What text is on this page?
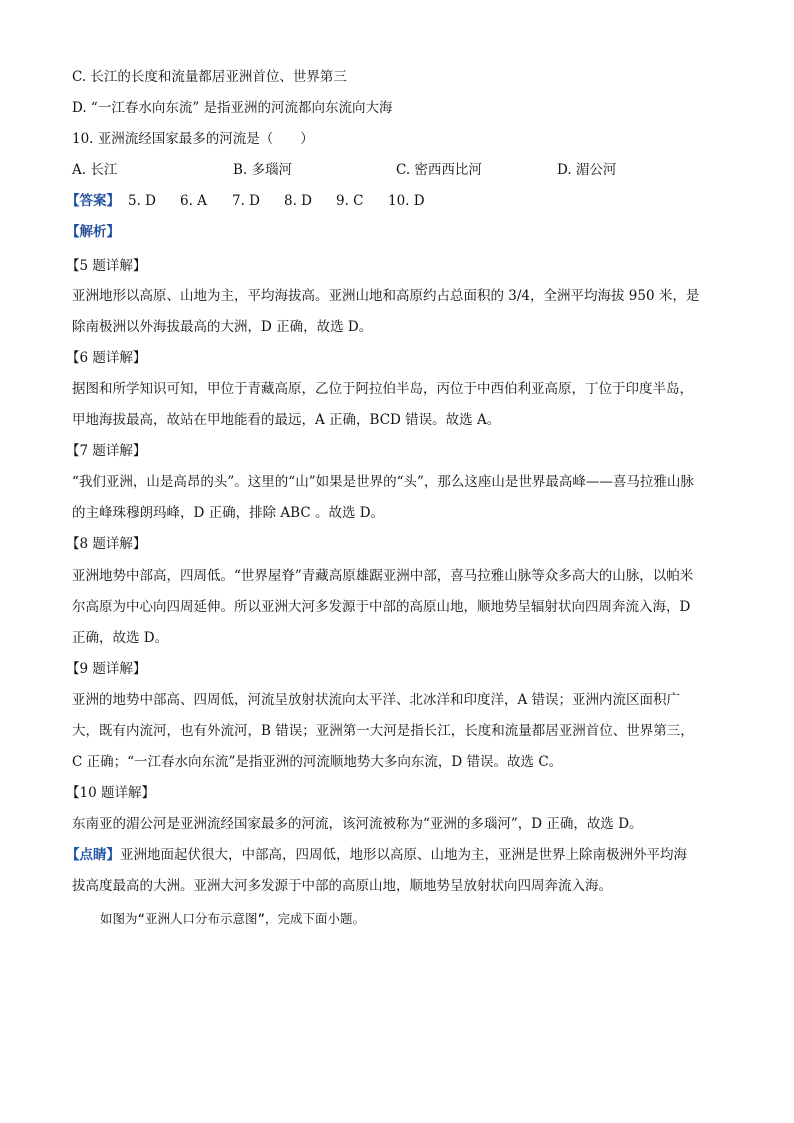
C. 长江的长度和流量都居亚洲首位、世界第三
D. “一江春水向东流” 是指亚洲的河流都向东流向大海
10. 亚洲流经国家最多的河流是（　　）
A. 长江	B. 多瑙河	C. 密西西比河	D. 湄公河
【答案】 5. D 6. A 7. D 8. D 9. C 10. D
【解析】
【5 题详解】
亚洲地形以高原、山地为主，平均海拔高。亚洲山地和高原约占总面积的 3/4，全洲平均海拔 950 米，是
除南极洲以外海拔最高的大洲，D 正确，故选 D。
【6 题详解】
据图和所学知识可知，甲位于青藏高原，乙位于阿拉伯半岛，丙位于中西伯利亚高原，丁位于印度半岛，
甲地海拔最高，故站在甲地能看的最远，A 正确，BCD 错误。故选 A。
【7 题详解】
“我们亚洲，山是高昂的头”。这里的“山”如果是世界的“头”，那么这座山是世界最高峰——喜马拉雅山脉
的主峰珠穆朗玛峰，D 正确，排除 ABC 。故选 D。
【8 题详解】
亚洲地势中部高，四周低。“世界屋脊”青藏高原雄踞亚洲中部，喜马拉雅山脉等众多高大的山脉，以帕米
尔高原为中心向四周延伸。所以亚洲大河多发源于中部的高原山地，顺地势呈辐射状向四周奔流入海，D
正确，故选 D。
【9 题详解】
亚洲的地势中部高、四周低，河流呈放射状流向太平洋、北冰洋和印度洋，A 错误；亚洲内流区面积广
大，既有内流河，也有外流河，B 错误；亚洲第一大河是指长江，长度和流量都居亚洲首位、世界第三，
C 正确；“一江春水向东流”是指亚洲的河流顺地势大多向东流，D 错误。故选 C。
【10 题详解】
东南亚的湄公河是亚洲流经国家最多的河流，该河流被称为“亚洲的多瑙河”，D 正确，故选 D。
【点睛】亚洲地面起伏很大，中部高，四周低，地形以高原、山地为主，亚洲是世界上除南极洲外平均海
拔高度最高的大洲。亚洲大河多发源于中部的高原山地，顺地势呈放射状向四周奔流入海。
如图为“亚洲人口分布示意图”，完成下面小题。
